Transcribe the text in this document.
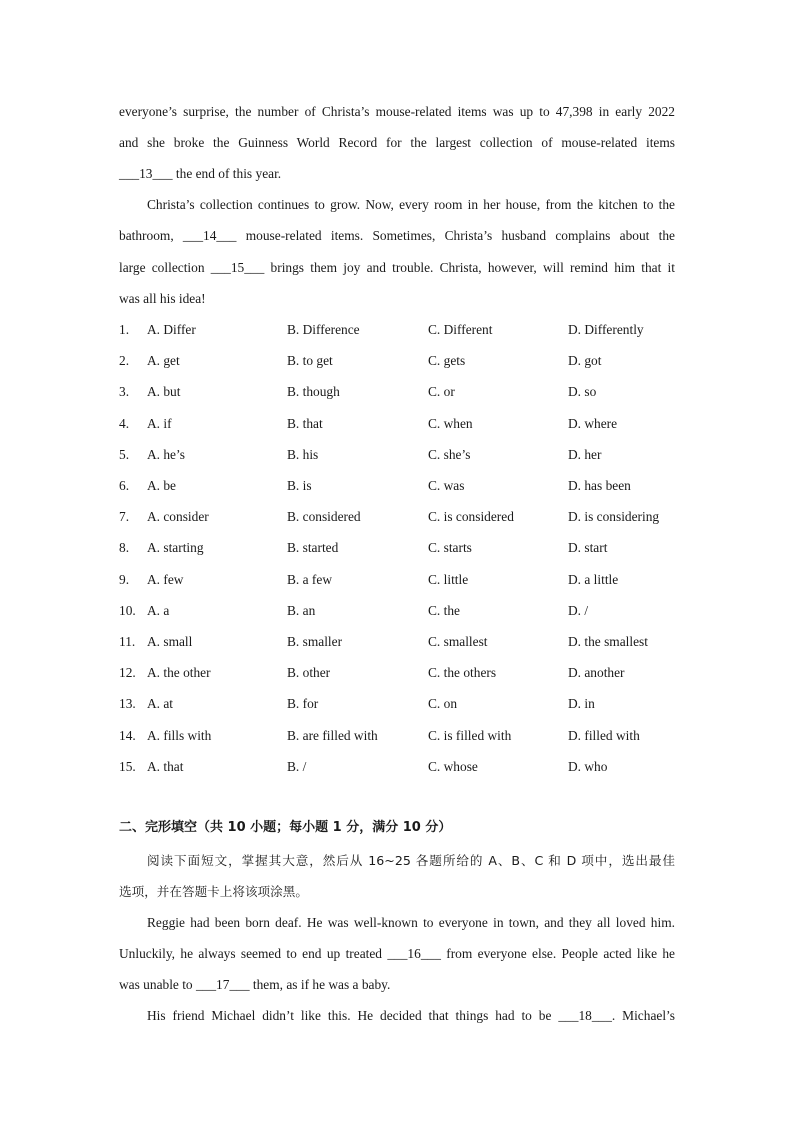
everyone’s surprise, the number of Christa’s mouse-related items was up to 47,398 in early 2022
and she broke the Guinness World Record for the largest collection of mouse-related items
___13___ the end of this year.
Christa’s collection continues to grow. Now, every room in her house, from the kitchen to the
bathroom, ___14___ mouse-related items. Sometimes, Christa’s husband complains about the
large collection ___15___ brings them joy and trouble. Christa, however, will remind him that it
was all his idea!
1. A. Differ	B. Difference	C. Different	D. Differently
2. A. get	B. to get	C. gets	D. got
3. A. but	B. though	C. or	D. so
4. A. if	B. that	C. when	D. where
5. A. he’s	B. his	C. she’s	D. her
6. A. be	B. is	C. was	D. has been
7. A. consider	B. considered	C. is considered	D. is considering
8. A. starting	B. started	C. starts	D. start
9. A. few	B. a few	C. little	D. a little
10. A. a	B. an	C. the	D. /
11. A. small	B. smaller	C. smallest	D. the smallest
12. A. the other	B. other	C. the others	D. another
13. A. at	B. for	C. on	D. in
14. A. fills with	B. are filled with	C. is filled with	D. filled with
15. A. that	B. /	C. whose	D. who
二、完形填空（共 10 小题；每小题 1 分，满分 10 分）
阅读下面短文，掌握其大意，然后从 16~25 各题所给的 A、B、C 和 D 项中，选出最佳
选项，并在答题卡上将该项涂黑。
Reggie had been born deaf. He was well-known to everyone in town, and they all loved him.
Unluckily, he always seemed to end up treated ___16___ from everyone else. People acted like he
was unable to ___17___ them, as if he was a baby.
His friend Michael didn’t like this. He decided that things had to be ___18___. Michael’s
